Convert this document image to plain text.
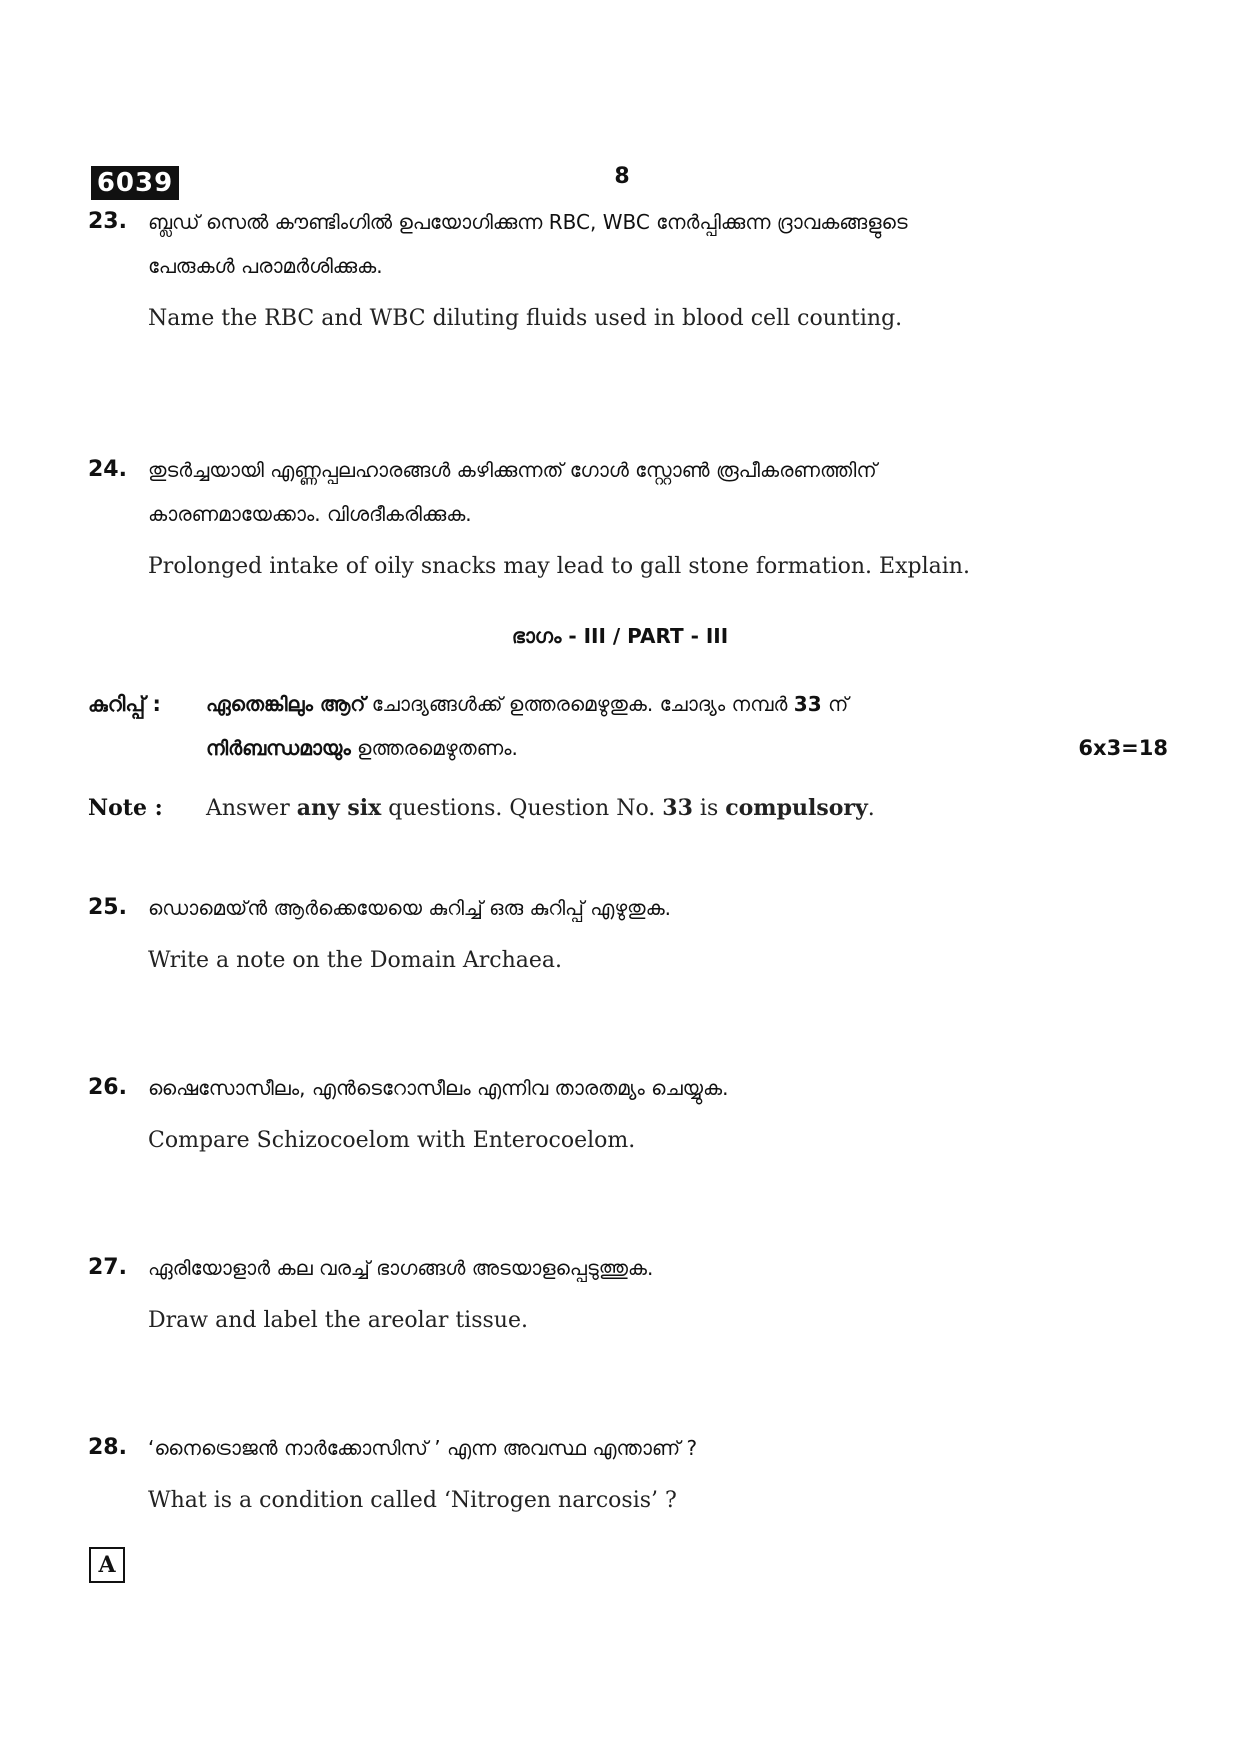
6039	8
23. ബ്ലഡ് സെൽ കൗണ്ടിംഗിൽ ഉപയോഗിക്കുന്ന RBC, WBC നേർപ്പിക്കുന്ന ദ്രാവകങ്ങളുടെ

പേരുകൾ പരാമർശിക്കുക.

Name the RBC and WBC diluting fluids used in blood cell counting.

24. തുടർച്ചയായി എണ്ണപ്പലഹാരങ്ങൾ കഴിക്കുന്നത് ഗോൾ സ്റ്റോൺ രൂപീകരണത്തിന്

കാരണമായേക്കാം. വിശദീകരിക്കുക.

Prolonged intake of oily snacks may lead to gall stone formation. Explain.

ഭാഗം - III / PART - III
കുറിപ്പ് : ഏതെങ്കിലും ആറ് ചോദ്യങ്ങൾക്ക് ഉത്തരമെഴുതുക. ചോദ്യം നമ്പർ 33 ന്

നിർബന്ധമായും ഉത്തരമെഴുതണം.	6x3=18
Note : Answer any six questions. Question No. 33 is compulsory.

25. ഡൊമെയ്ൻ ആർക്കെയേയെ കുറിച്ച് ഒരു കുറിപ്പ് എഴുതുക.

Write a note on the Domain Archaea.

26. ഷൈസോസീലം, എൻടെറോസീലം എന്നിവ താരതമ്യം ചെയ്യുക.

Compare Schizocoelom with Enterocoelom.

27. ഏരിയോളാർ കല വരച്ച് ഭാഗങ്ങൾ അടയാളപ്പെടുത്തുക.

Draw and label the areolar tissue.

28. ‘നൈട്രൊജൻ നാർക്കോസിസ് ’ എന്ന അവസ്ഥ എന്താണ് ?

What is a condition called ‘Nitrogen narcosis’ ?

A
